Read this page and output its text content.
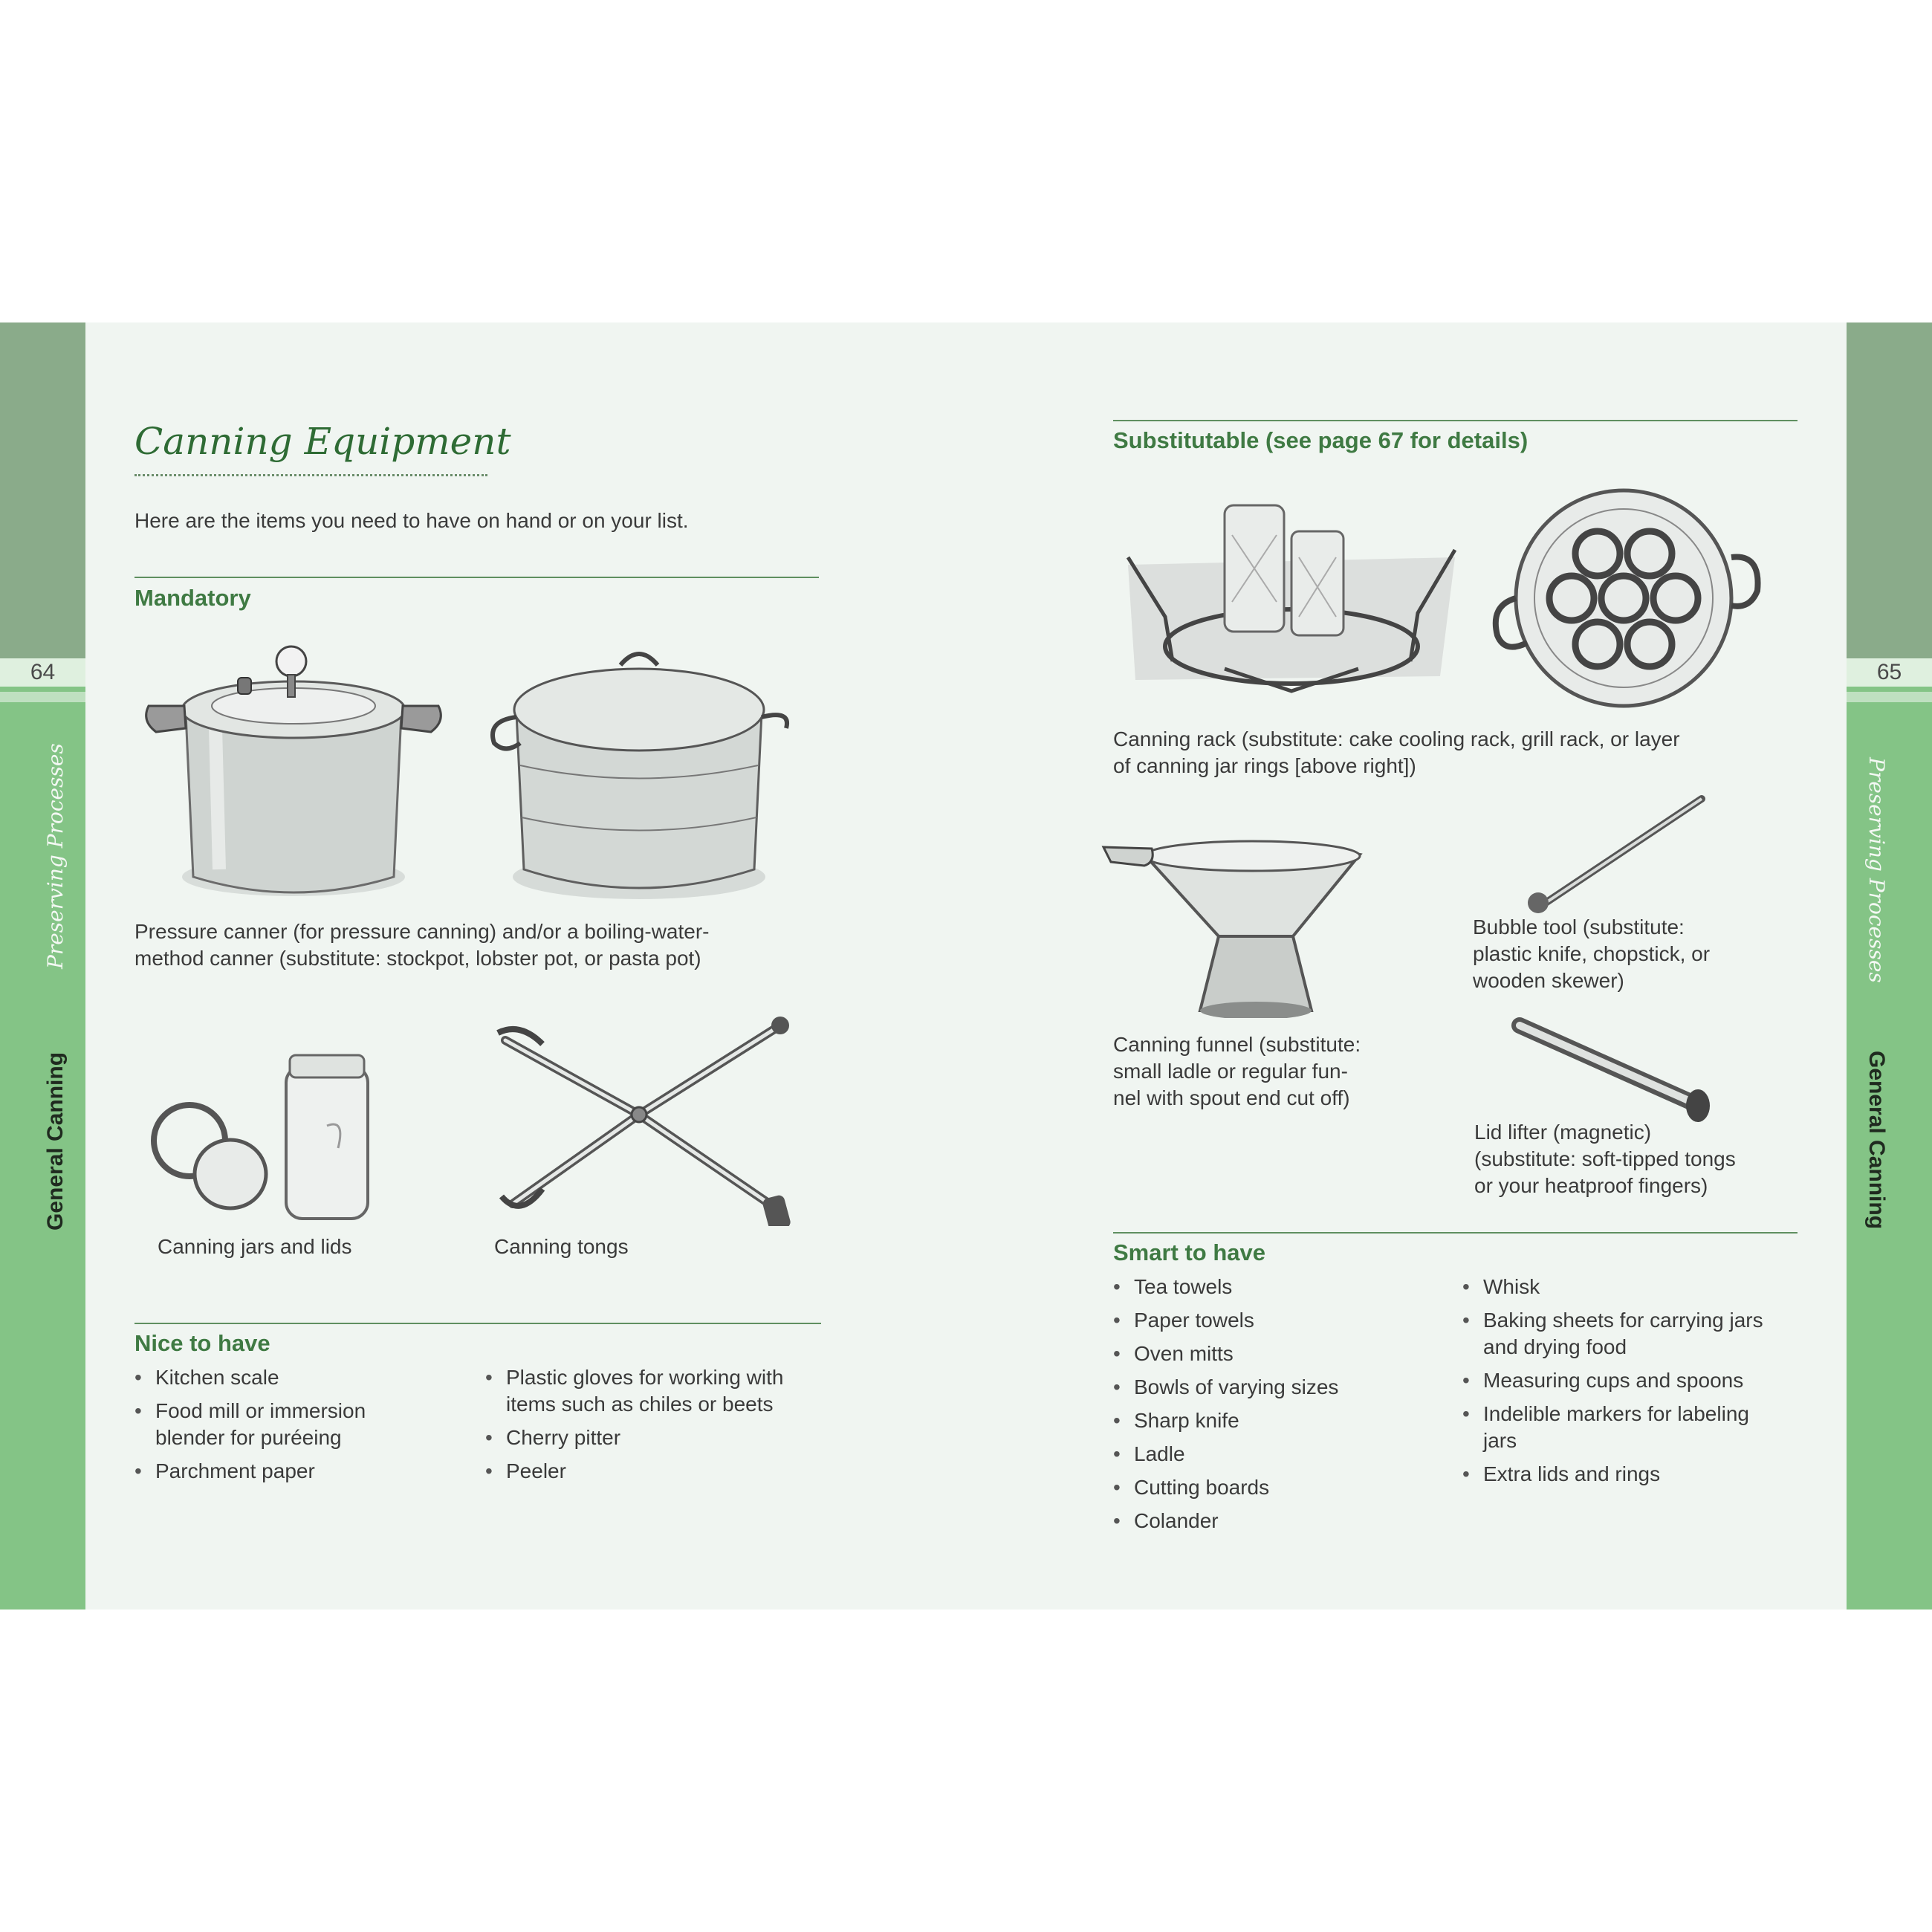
64
Preserving Processes
General Canning
65
Preserving Processes
General Canning
Canning Equipment
Here are the items you need to have on hand or on your list.
Mandatory
Pressure canner (for pressure canning) and/or a boiling-water-
method canner (substitute: stockpot, lobster pot, or pasta pot)
Canning jars and lids	Canning tongs
Nice to have
• Kitchen scale
• Food mill or immersion blender for puréeing
• Parchment paper
• Plastic gloves for working with items such as chiles or beets
• Cherry pitter
• Peeler
Substitutable (see page 67 for details)
Canning rack (substitute: cake cooling rack, grill rack, or layer
of canning jar rings [above right])
Bubble tool (substitute:
plastic knife, chopstick, or
wooden skewer)
Canning funnel (substitute:
small ladle or regular fun-
nel with spout end cut off)
Lid lifter (magnetic)
(substitute: soft-tipped tongs
or your heatproof fingers)
Smart to have
• Tea towels
• Paper towels
• Oven mitts
• Bowls of varying sizes
• Sharp knife
• Ladle
• Cutting boards
• Colander
• Whisk
• Baking sheets for carrying jars and drying food
• Measuring cups and spoons
• Indelible markers for labeling jars
• Extra lids and rings
